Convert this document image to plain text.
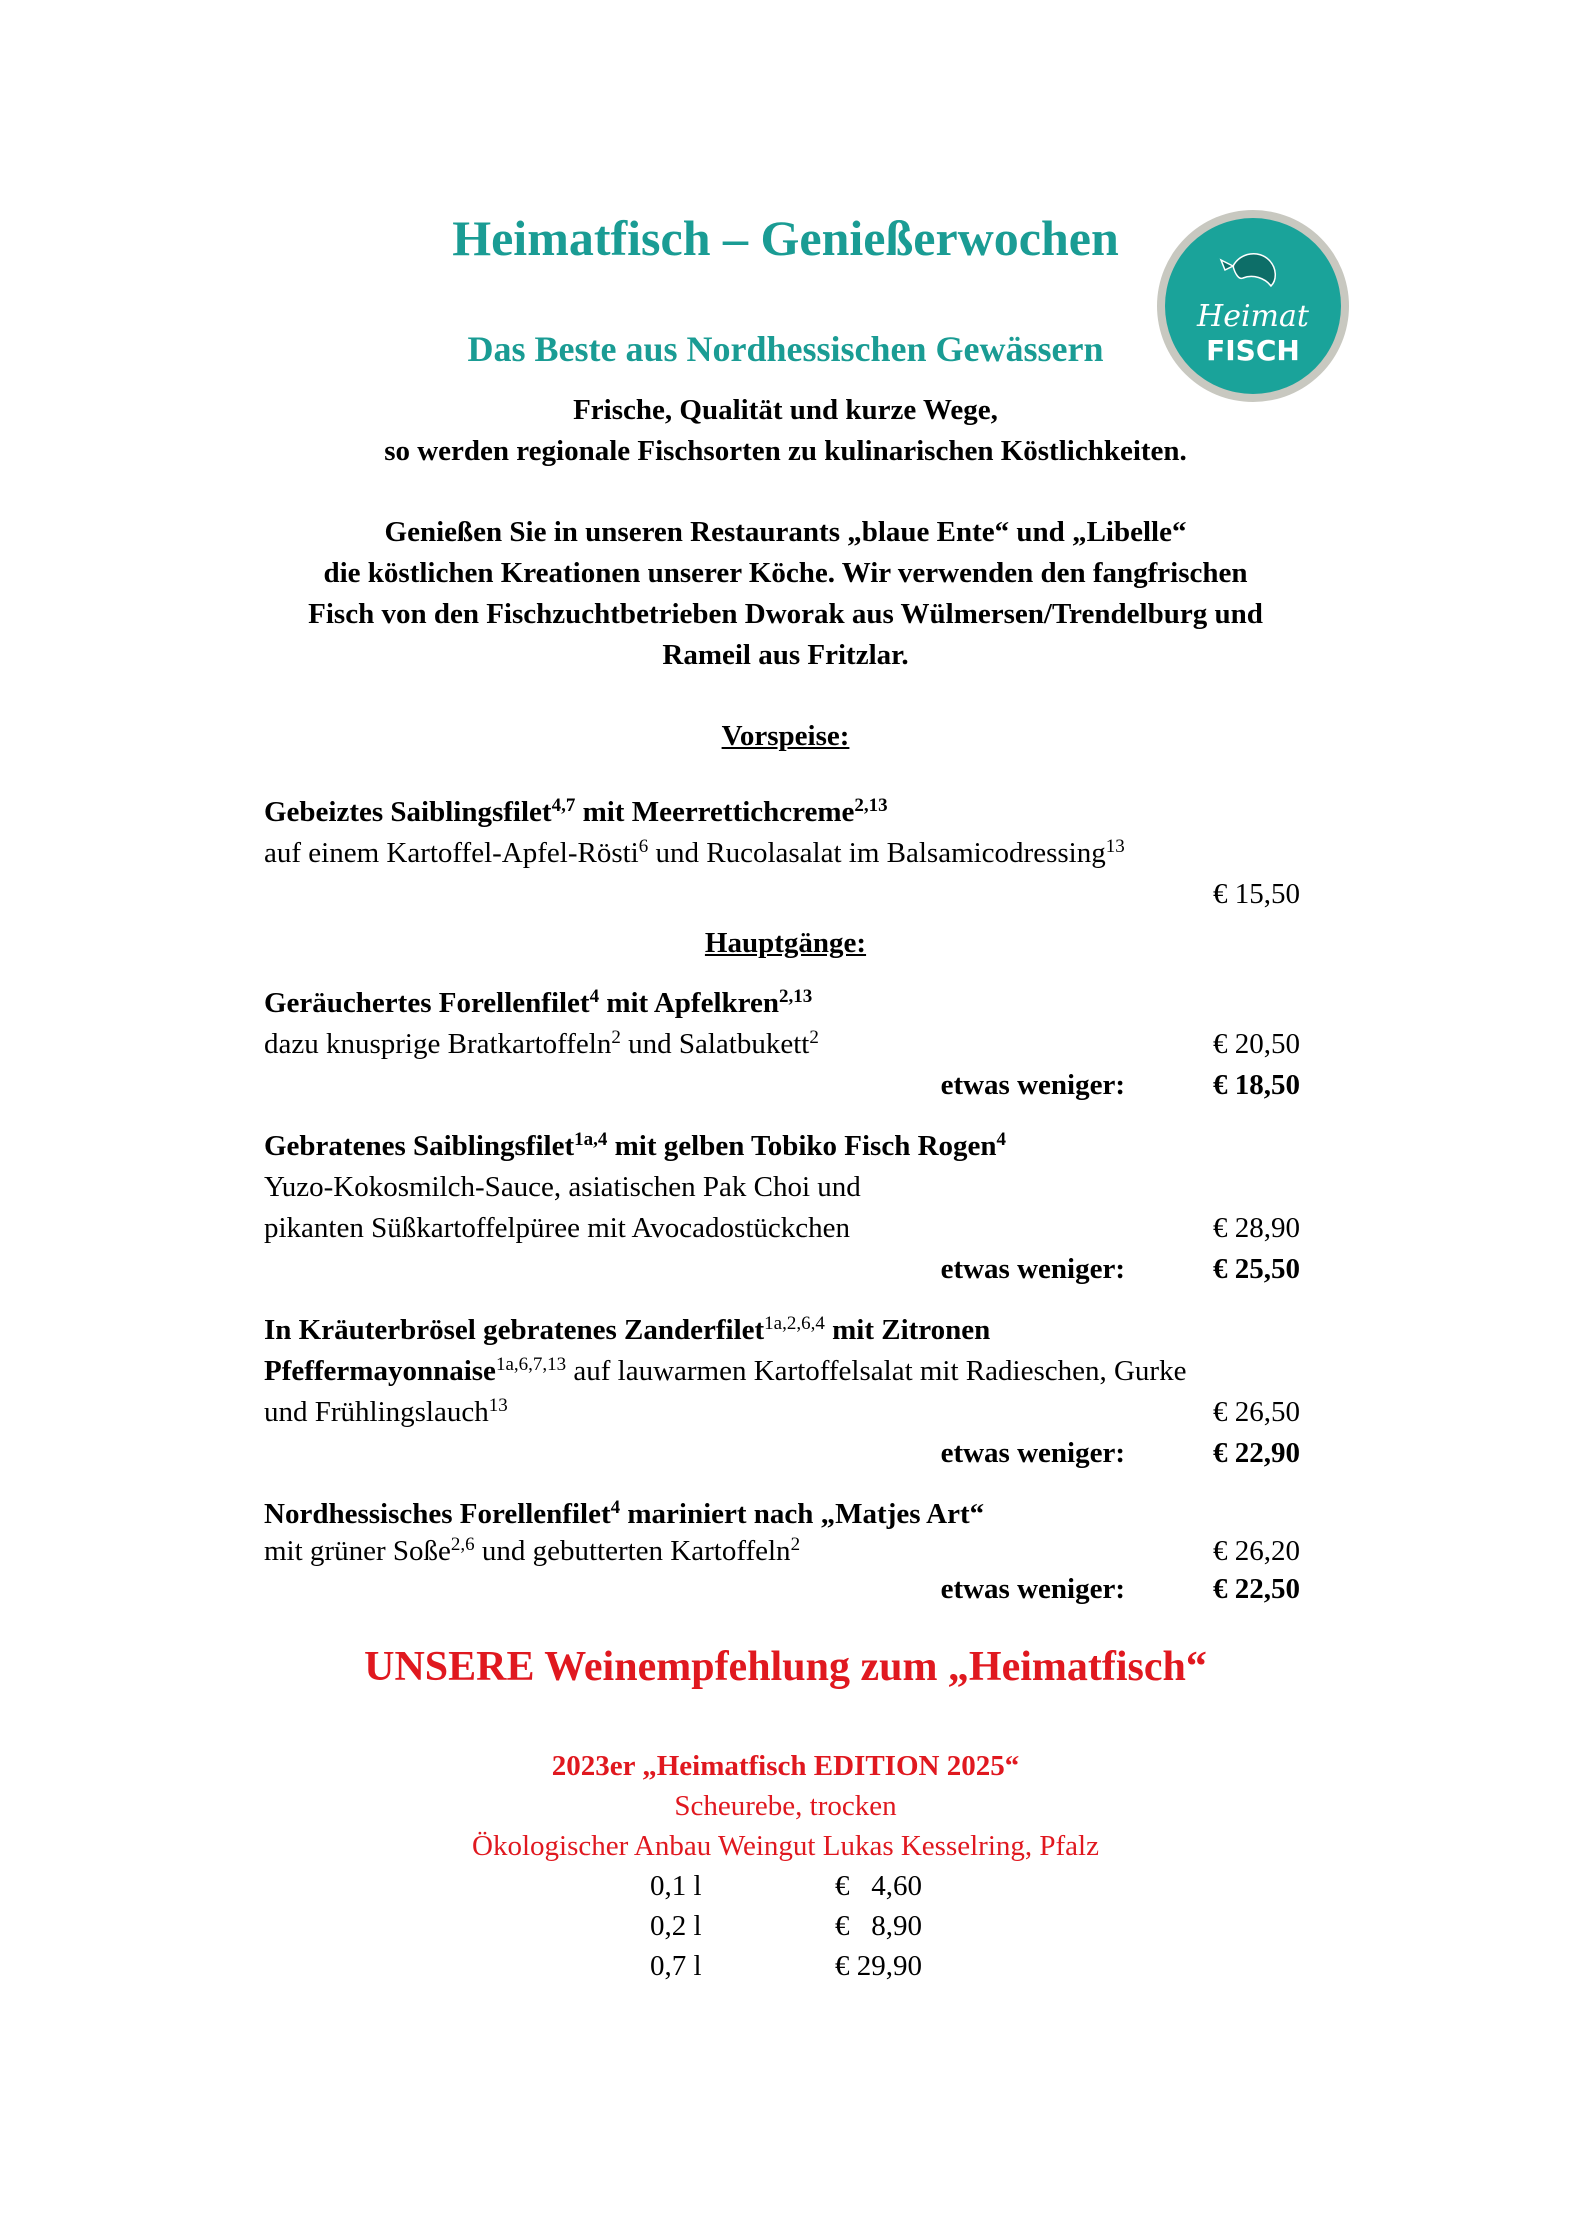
Heimatfisch – Genießerwochen
Das Beste aus Nordhessischen Gewässern
Heimat
FISCH
Frische, Qualität und kurze Wege,
so werden regionale Fischsorten zu kulinarischen Köstlichkeiten.
Genießen Sie in unseren Restaurants „blaue Ente“ und „Libelle“
die köstlichen Kreationen unserer Köche. Wir verwenden den fangfrischen
Fisch von den Fischzuchtbetrieben Dworak aus Wülmersen/Trendelburg und
Rameil aus Fritzlar.
Vorspeise:
Gebeiztes Saiblingsfilet$^{4,7}$ mit Meerrettichcreme$^{2,13}$
auf einem Kartoffel-Apfel-Rösti$^6$ und Rucolasalat im Balsamicodressing$^{13}$
€ 15,50
Hauptgänge:
Geräuchertes Forellenfilet$^4$ mit Apfelkren$^{2,13}$
dazu knusprige Bratkartoffeln$^2$ und Salatbukett$^2$	€ 20,50
etwas weniger:	€ 18,50
Gebratenes Saiblingsfilet$^{1a,4}$ mit gelben Tobiko Fisch Rogen$^4$
Yuzo-Kokosmilch-Sauce, asiatischen Pak Choi und
pikanten Süßkartoffelpüree mit Avocadostückchen	€ 28,90
etwas weniger:	€ 25,50
In Kräuterbrösel gebratenes Zanderfilet$^{1a,2,6,4}$ mit Zitronen
Pfeffermayonnaise$^{1a,6,7,13}$ auf lauwarmen Kartoffelsalat mit Radieschen, Gurke
und Frühlingslauch$^{13}$	€ 26,50
etwas weniger:	€ 22,90
Nordhessisches Forellenfilet$^4$ mariniert nach „Matjes Art“
mit grüner Soße$^{2,6}$ und gebutterten Kartoffeln$^2$	€ 26,20
etwas weniger:	€ 22,50
UNSERE Weinempfehlung zum „Heimatfisch“
2023er „Heimatfisch EDITION 2025“
Scheurebe, trocken
Ökologischer Anbau Weingut Lukas Kesselring, Pfalz
0,1 l	€   4,60
0,2 l	€   8,90
0,7 l	€ 29,90
